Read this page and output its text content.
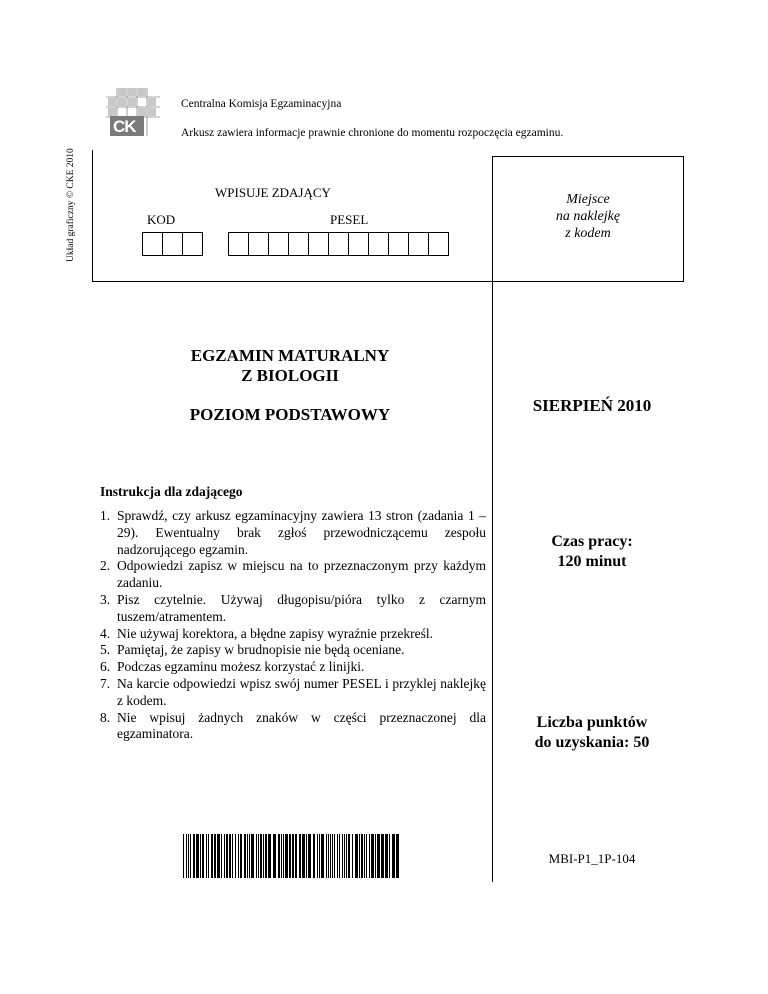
CK
Centralna Komisja Egzaminacyjna
Arkusz zawiera informacje prawnie chronione do momentu rozpoczęcia egzaminu.
Układ graficzny © CKE 2010	WPISUJE ZDAJĄCY
KOD	PESEL
Miejsce
na naklejkę
z kodem
EGZAMIN MATURALNY
Z BIOLOGII
POZIOM PODSTAWOWY	SIERPIEŃ 2010
Czas pracy:
120 minut
Liczba punktów
do uzyskania: 50
Instrukcja dla zdającego
1. Sprawdź, czy arkusz egzaminacyjny zawiera 13 stron (zadania 1 – 29). Ewentualny brak zgłoś przewodniczącemu zespołu nadzorującego egzamin.
2. Odpowiedzi zapisz w miejscu na to przeznaczonym przy każdym zadaniu.
3. Pisz czytelnie. Używaj długopisu/pióra tylko z czarnym tuszem/atramentem.
4. Nie używaj korektora, a błędne zapisy wyraźnie przekreśl.
5. Pamiętaj, że zapisy w brudnopisie nie będą oceniane.
6. Podczas egzaminu możesz korzystać z linijki.
7. Na karcie odpowiedzi wpisz swój numer PESEL i przyklej naklejkę z kodem.
8. Nie wpisuj żadnych znaków w części przeznaczonej dla egzaminatora.
MBI-P1_1P-104
